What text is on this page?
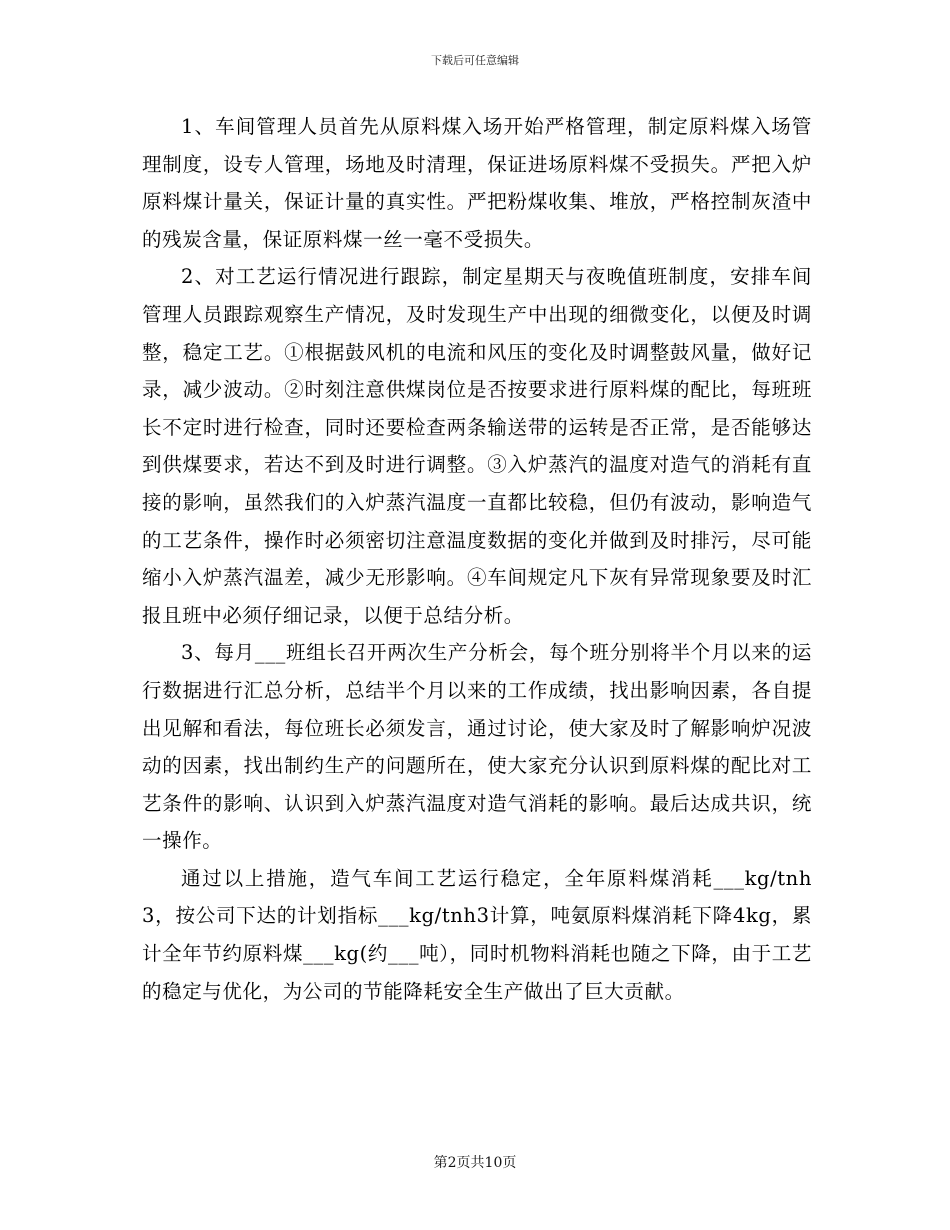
下载后可任意编辑

1、车间管理人员首先从原料煤入场开始严格管理，制定原料煤入场管理制度，设专人管理，场地及时清理，保证进场原料煤不受损失。严把入炉原料煤计量关，保证计量的真实性。严把粉煤收集、堆放，严格控制灰渣中的残炭含量，保证原料煤一丝一毫不受损失。

2、对工艺运行情况进行跟踪，制定星期天与夜晚值班制度，安排车间管理人员跟踪观察生产情况，及时发现生产中出现的细微变化，以便及时调整，稳定工艺。①根据鼓风机的电流和风压的变化及时调整鼓风量，做好记录，减少波动。②时刻注意供煤岗位是否按要求进行原料煤的配比，每班班长不定时进行检查，同时还要检查两条输送带的运转是否正常，是否能够达到供煤要求，若达不到及时进行调整。③入炉蒸汽的温度对造气的消耗有直接的影响，虽然我们的入炉蒸汽温度一直都比较稳，但仍有波动，影响造气的工艺条件，操作时必须密切注意温度数据的变化并做到及时排污，尽可能缩小入炉蒸汽温差，减少无形影响。④车间规定凡下灰有异常现象要及时汇报且班中必须仔细记录，以便于总结分析。

3、每月___班组长召开两次生产分析会，每个班分别将半个月以来的运行数据进行汇总分析，总结半个月以来的工作成绩，找出影响因素，各自提出见解和看法，每位班长必须发言，通过讨论，使大家及时了解影响炉况波动的因素，找出制约生产的问题所在，使大家充分认识到原料煤的配比对工艺条件的影响、认识到入炉蒸汽温度对造气消耗的影响。最后达成共识，统一操作。

通过以上措施，造气车间工艺运行稳定，全年原料煤消耗___kg/tnh3，按公司下达的计划指标___kg/tnh3计算，吨氨原料煤消耗下降4kg，累计全年节约原料煤___kg(约___吨），同时机物料消耗也随之下降，由于工艺的稳定与优化，为公司的节能降耗安全生产做出了巨大贡献。

第2页共10页
